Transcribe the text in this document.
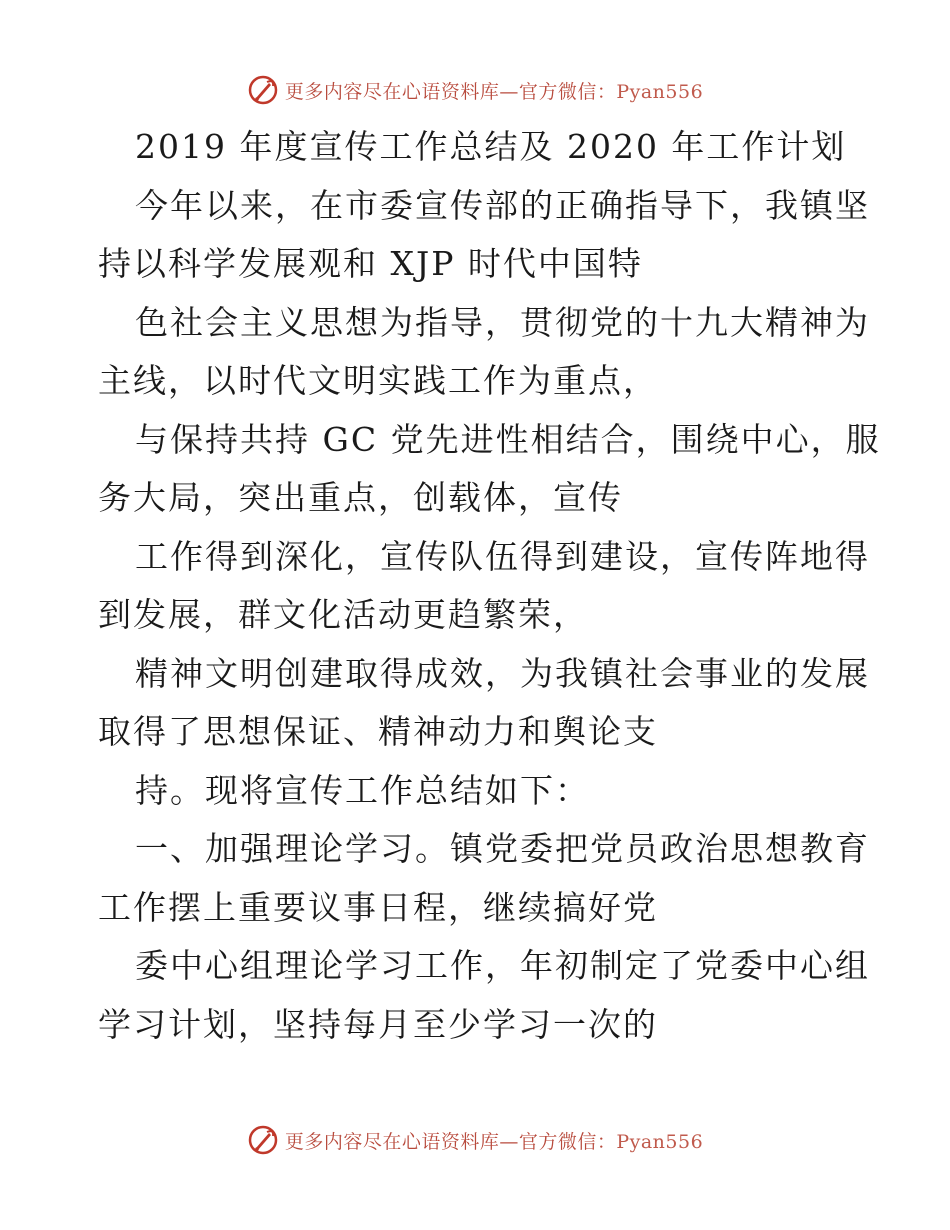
更多内容尽在心语资料库—官方微信：Pyan556
2019 年度宣传工作总结及 2020 年工作计划
今年以来，在市委宣传部的正确指导下，我镇坚
持以科学发展观和 XJP 时代中国特
色社会主义思想为指导，贯彻党的十九大精神为
主线，以时代文明实践工作为重点，
与保持共持 GC 党先进性相结合，围绕中心，服
务大局，突出重点，创载体，宣传
工作得到深化，宣传队伍得到建设，宣传阵地得
到发展，群文化活动更趋繁荣，
精神文明创建取得成效，为我镇社会事业的发展
取得了思想保证、精神动力和舆论支
持。现将宣传工作总结如下：
一、加强理论学习。镇党委把党员政治思想教育
工作摆上重要议事日程，继续搞好党
委中心组理论学习工作，年初制定了党委中心组
学习计划，坚持每月至少学习一次的
更多内容尽在心语资料库—官方微信：Pyan556
